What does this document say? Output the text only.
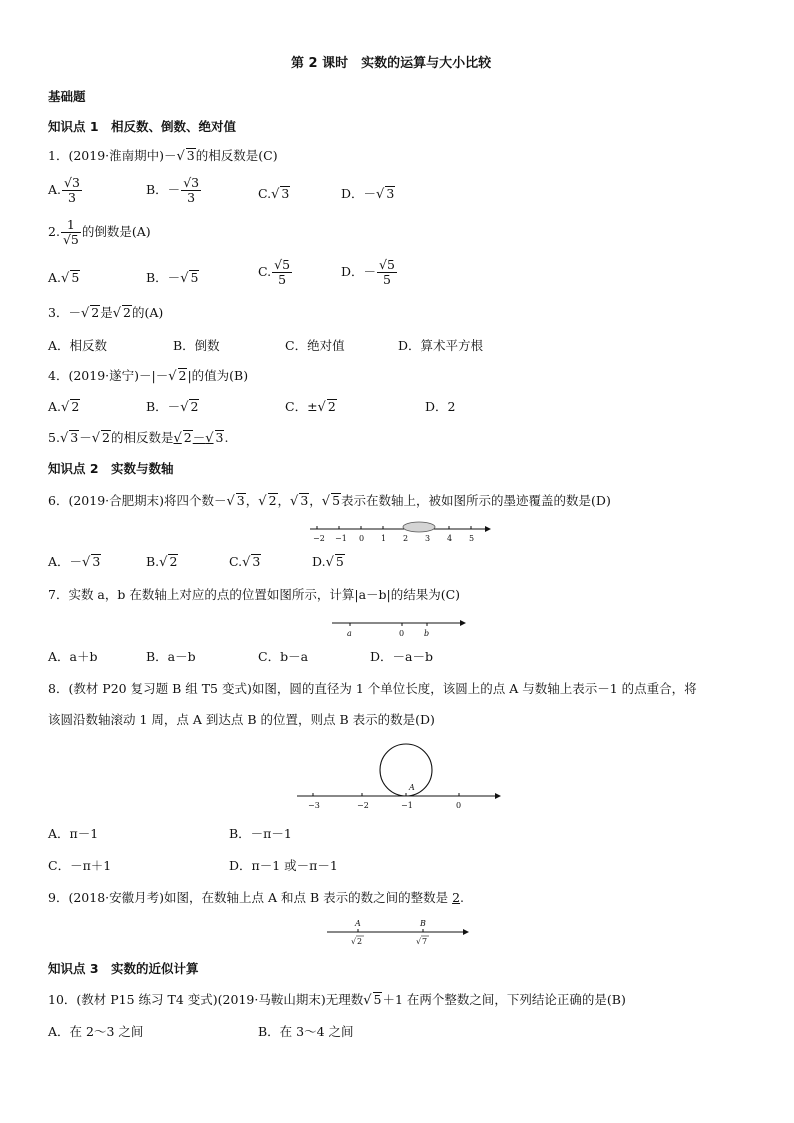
第 2 课时　实数的运算与大小比较
基础题
知识点 1　相反数、倒数、绝对值
1．(2019·淮南期中)－√ 3的相反数是(C)
A. $\frac{√3}{3}$	B．－ $\frac{√3}{3}$	C.√ 3	D．－√ 3
2. $\frac{1}{√5}$ 的倒数是(A)
A.√ 5	B．－√ 5	C. $\frac{√5}{5}$	D．－ $\frac{√5}{5}$
3．－√ 2是√ 2的(A)
A．相反数	B．倒数	C．绝对值	D．算术平方根
4．(2019·遂宁)－|－√ 2|的值为(B)
A.√ 2	B．－√ 2	C．±√ 2	D．2
5.√ 3－√ 2的相反数是√ 2－√ 3.
知识点 2　实数与数轴
6．(2019·合肥期末)将四个数－√ 3，√ 2，√ 3，√ 5表示在数轴上，被如图所示的墨迹覆盖的数是(D)
−2 −1 0 1 2 3 4 5
A．－√ 3	B.√ 2	C.√ 3	D.√ 5
7．实数 a，b 在数轴上对应的点的位置如图所示，计算|a－b|的结果为(C)
a	0 b
A．a＋b	B．a－b	C．b－a	D．－a－b
8．(教材 P20 复习题 B 组 T5 变式)如图，圆的直径为 1 个单位长度，该圆上的点 A 与数轴上表示－1 的点重合，将
该圆沿数轴滚动 1 周，点 A 到达点 B 的位置，则点 B 表示的数是(D)
A
−3	−2	−1	0
A．π－1	B．－π－1
C．－π＋1	D．π－1 或－π－1
9．(2018·安徽月考)如图，在数轴上点 A 和点 B 表示的数之间的整数是 2.
A	B
√ 2	√ 7
知识点 3　实数的近似计算
10．(教材 P15 练习 T4 变式)(2019·马鞍山期末)无理数√ 5＋1 在两个整数之间，下列结论正确的是(B)
A．在 2～3 之间	B．在 3～4 之间
